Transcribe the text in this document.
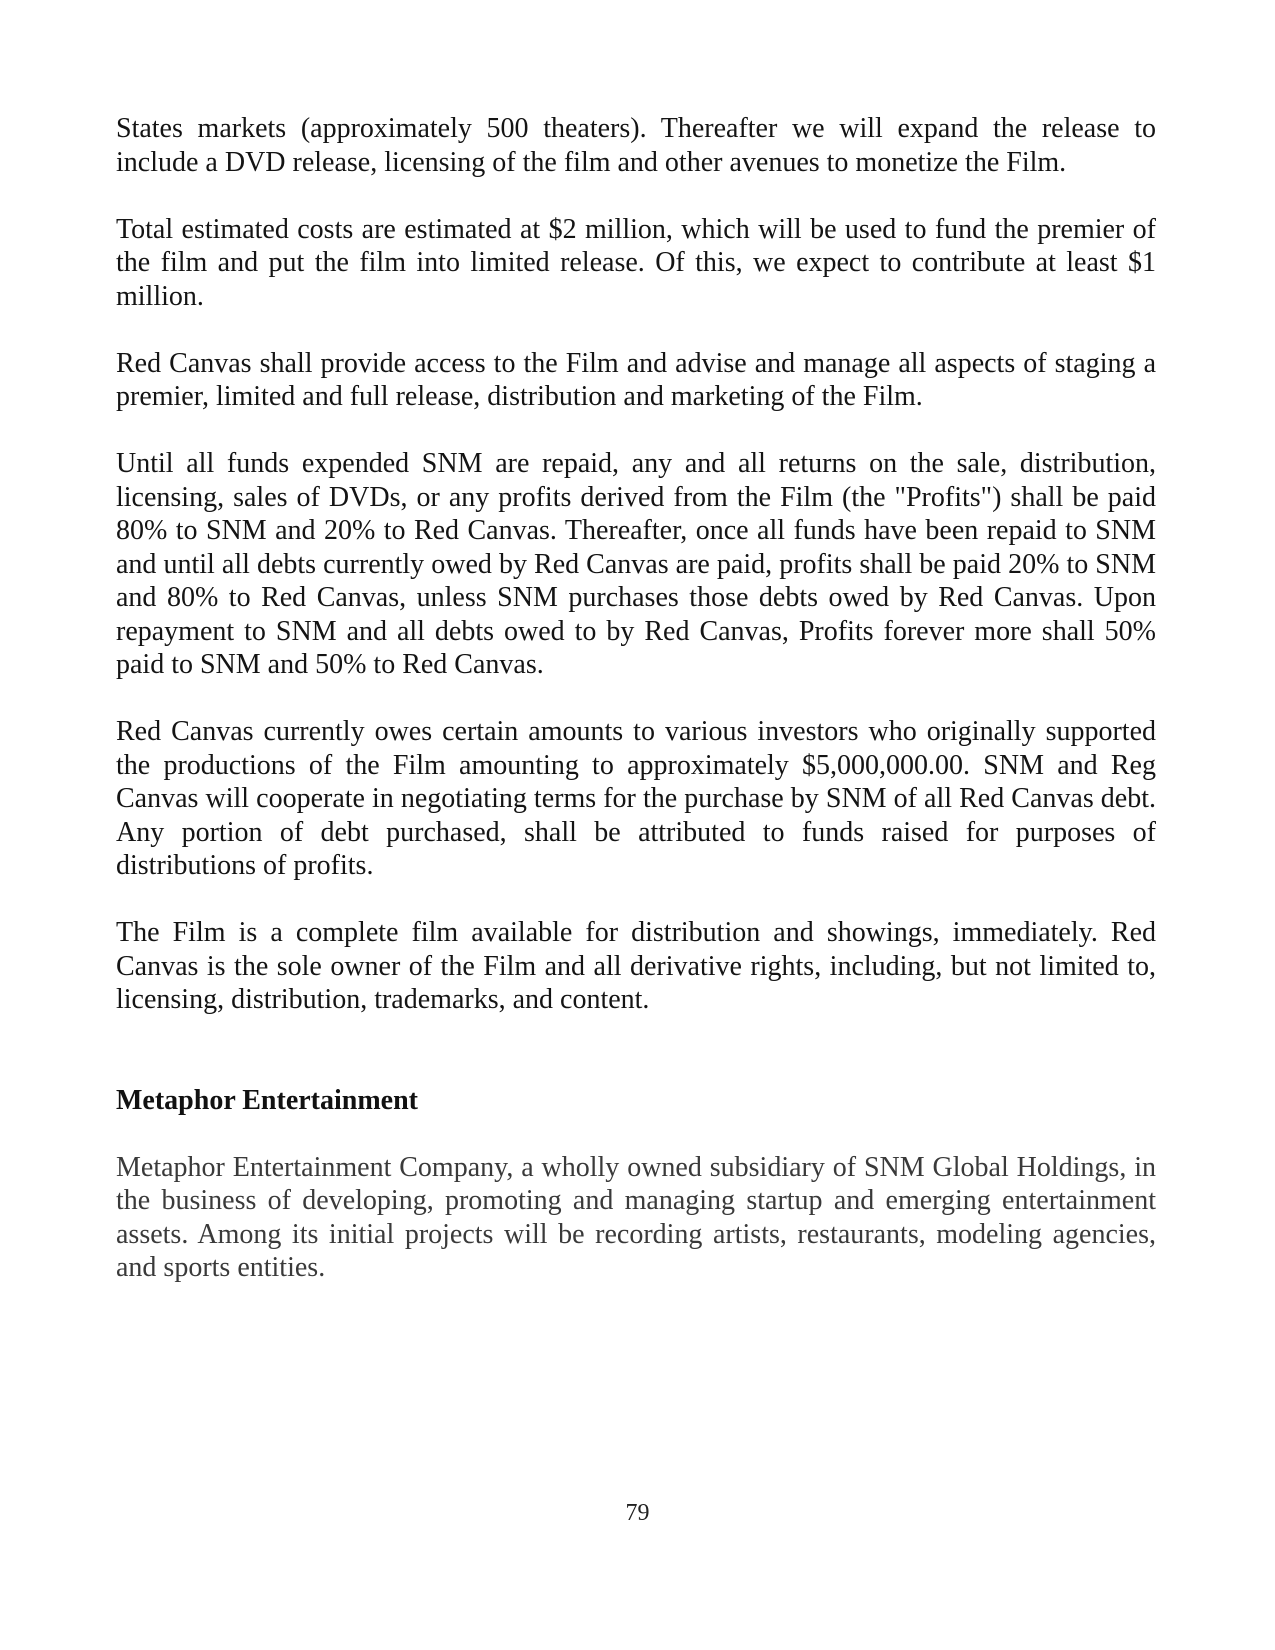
States markets (approximately 500 theaters). Thereafter we will expand the release to include a DVD release, licensing of the film and other avenues to monetize the Film.

Total estimated costs are estimated at $2 million, which will be used to fund the premier of the film and put the film into limited release. Of this, we expect to contribute at least $1 million.

Red Canvas shall provide access to the Film and advise and manage all aspects of staging a premier, limited and full release, distribution and marketing of the Film.

Until all funds expended SNM are repaid, any and all returns on the sale, distribution, licensing, sales of DVDs, or any profits derived from the Film (the "Profits") shall be paid 80% to SNM and 20% to Red Canvas. Thereafter, once all funds have been repaid to SNM and until all debts currently owed by Red Canvas are paid, profits shall be paid 20% to SNM and 80% to Red Canvas, unless SNM purchases those debts owed by Red Canvas. Upon repayment to SNM and all debts owed to by Red Canvas, Profits forever more shall 50% paid to SNM and 50% to Red Canvas.

Red Canvas currently owes certain amounts to various investors who originally supported the productions of the Film amounting to approximately $5,000,000.00. SNM and Reg Canvas will cooperate in negotiating terms for the purchase by SNM of all Red Canvas debt. Any portion of debt purchased, shall be attributed to funds raised for purposes of distributions of profits.

The Film is a complete film available for distribution and showings, immediately. Red Canvas is the sole owner of the Film and all derivative rights, including, but not limited to, licensing, distribution, trademarks, and content.

Metaphor Entertainment

Metaphor Entertainment Company, a wholly owned subsidiary of SNM Global Holdings, in the business of developing, promoting and managing startup and emerging entertainment assets. Among its initial projects will be recording artists, restaurants, modeling agencies, and sports entities.

79
